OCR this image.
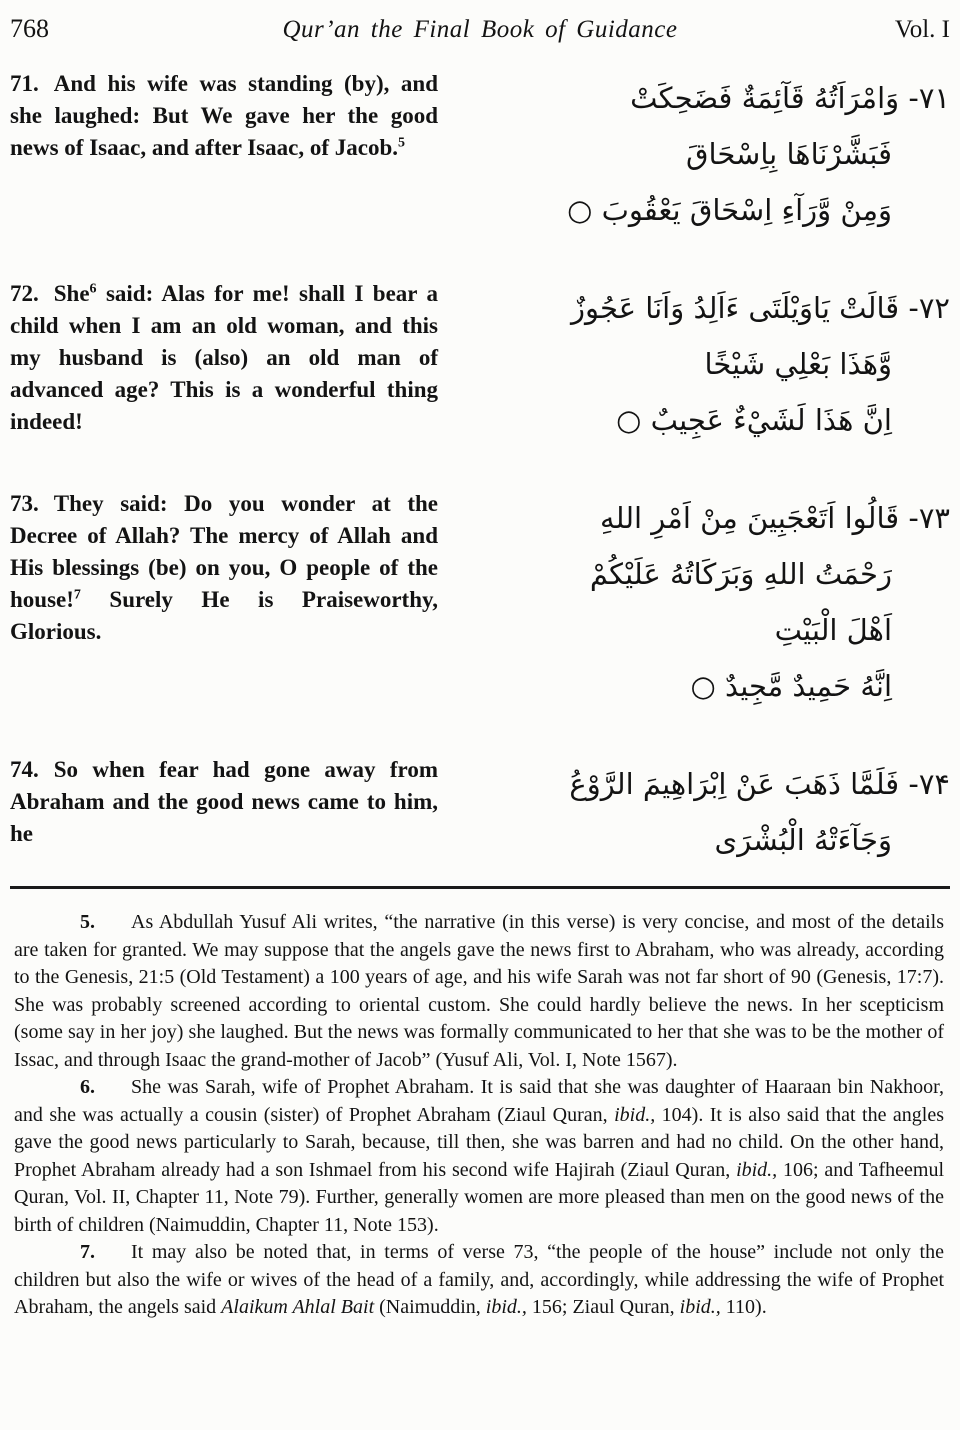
768	Qur’an the Final Book of Guidance	Vol. I

71. And his wife was standing (by), and she laughed: But We gave her the good news of Isaac, and after Isaac, of Jacob.$^5$

۷۱- وَامْرَاَتُهُ قَآئِمَةٌ فَضَحِكَتْ
فَبَشَّرْنَاهَا بِاِسْحَاقَ
وَمِنْ وَّرَآءِ اِسْحَاقَ يَعْقُوبَ ○

72. She$^6$ said: Alas for me! shall I bear a child when I am an old woman, and this my husband is (also) an old man of advanced age? This is a wonderful thing indeed!

۷۲- قَالَتْ يَاوَيْلَتَى ءَاَلِدُ وَاَنَا عَجُوزٌ
وَّهَذَا بَعْلِي شَيْخًا
اِنَّ هَذَا لَشَيْءٌ عَجِيبٌ ○

73. They said: Do you wonder at the Decree of Allah? The mercy of Allah and His blessings (be) on you, O people of the house!$^7$ Surely He is Praiseworthy, Glorious.

۷۳- قَالُوا اَتَعْجَبِينَ مِنْ اَمْرِ اللهِ
رَحْمَتُ اللهِ وَبَرَكَاتُهُ عَلَيْكُمْ
اَهْلَ الْبَيْتِ
اِنَّهُ حَمِيدٌ مَّجِيدٌ ○

74. So when fear had gone away from Abraham and the good news came to him, he

۷۴- فَلَمَّا ذَهَبَ عَنْ اِبْرَاهِيمَ الرَّوْعُ
وَجَآءَتْهُ الْبُشْرَى

5. As Abdullah Yusuf Ali writes, “the narrative (in this verse) is very concise, and most of the details are taken for granted. We may suppose that the angels gave the news first to Abraham, who was already, according to the Genesis, 21:5 (Old Testament) a 100 years of age, and his wife Sarah was not far short of 90 (Genesis, 17:7). She was probably screened according to oriental custom. She could hardly believe the news. In her scepticism (some say in her joy) she laughed. But the news was formally communicated to her that she was to be the mother of Issac, and through Isaac the grand-mother of Jacob” (Yusuf Ali, Vol. I, Note 1567).

6. She was Sarah, wife of Prophet Abraham. It is said that she was daughter of Haaraan bin Nakhoor, and she was actually a cousin (sister) of Prophet Abraham (Ziaul Quran, ibid., 104). It is also said that the angles gave the good news particularly to Sarah, because, till then, she was barren and had no child. On the other hand, Prophet Abraham already had a son Ishmael from his second wife Hajirah (Ziaul Quran, ibid., 106; and Tafheemul Quran, Vol. II, Chapter 11, Note 79). Further, generally women are more pleased than men on the good news of the birth of children (Naimuddin, Chapter 11, Note 153).

7. It may also be noted that, in terms of verse 73, “the people of the house” include not only the children but also the wife or wives of the head of a family, and, accordingly, while addressing the wife of Prophet Abraham, the angels said Alaikum Ahlal Bait (Naimuddin, ibid., 156; Ziaul Quran, ibid., 110).
